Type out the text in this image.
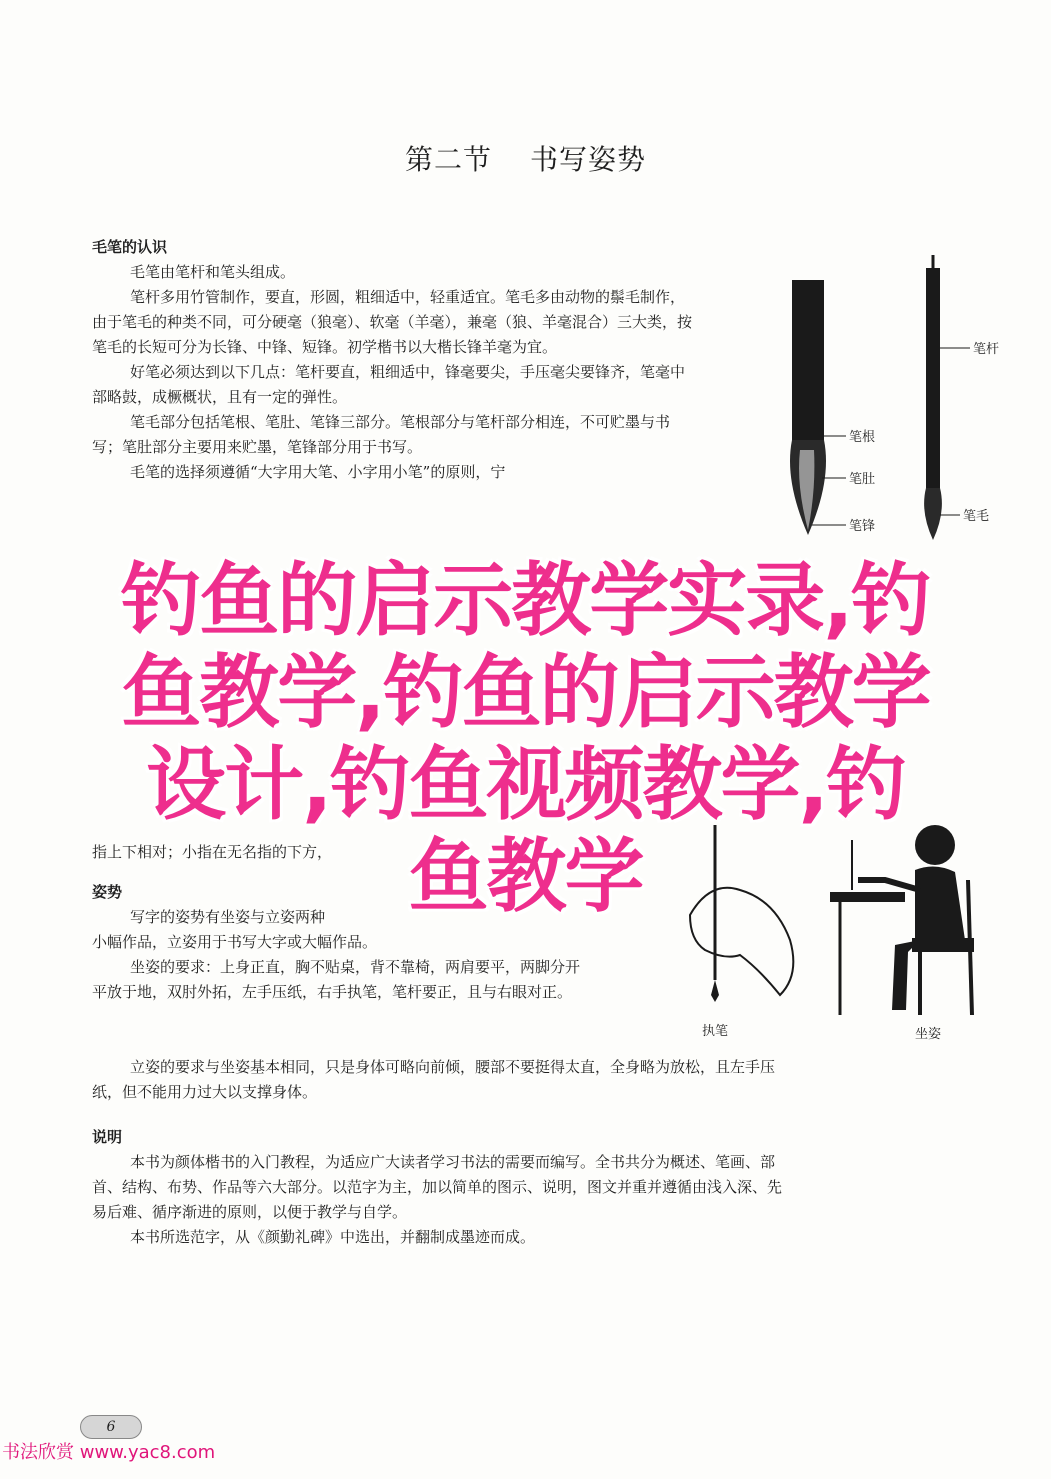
第二节 书写姿势

毛笔的认识

毛笔由笔杆和笔头组成。

笔杆多用竹管制作，要直，形圆，粗细适中，轻重适宜。笔毛多由动物的鬃毛制作，由于笔毛的种类不同，可分硬毫（狼毫）、软毫（羊毫），兼毫（狼、羊毫混合）三大类，按笔毛的长短可分为长锋、中锋、短锋。初学楷书以大楷长锋羊毫为宜。

好笔必须达到以下几点：笔杆要直，粗细适中，锋毫要尖，手压毫尖要锋齐，笔毫中部略鼓，成橛概状，且有一定的弹性。

笔毛部分包括笔根、笔肚、笔锋三部分。笔根部分与笔杆部分相连，不可贮墨与书写；笔肚部分主要用来贮墨，笔锋部分用于书写。

毛笔的选择须遵循“大字用大笔、小字用小笔”的原则，宁

笔杆
笔根
笔肚
笔锋
笔毛

指上下相对；小指在无名指的下方，

姿势

写字的姿势有坐姿与立姿两种

小幅作品，立姿用于书写大字或大幅作品。

坐姿的要求：上身正直，胸不贴桌，背不靠椅，两肩要平，两脚分开平放于地，双肘外拓，左手压纸，右手执笔，笔杆要正，且与右眼对正。

立姿的要求与坐姿基本相同，只是身体可略向前倾，腰部不要挺得太直，全身略为放松，且左手压纸，但不能用力过大以支撑身体。

执笔	坐姿

说明

本书为颜体楷书的入门教程，为适应广大读者学习书法的需要而编写。全书共分为概述、笔画、部首、结构、布势、作品等六大部分。以范字为主，加以简单的图示、说明，图文并重并遵循由浅入深、先易后难、循序渐进的原则，以便于教学与自学。

本书所选范字，从《颜勤礼碑》中选出，并翻制成墨迹而成。

钓鱼的启示教学实录,钓
鱼教学,钓鱼的启示教学
设计,钓鱼视频教学,钓
鱼教学
6
书法欣赏 www.yac8.com
